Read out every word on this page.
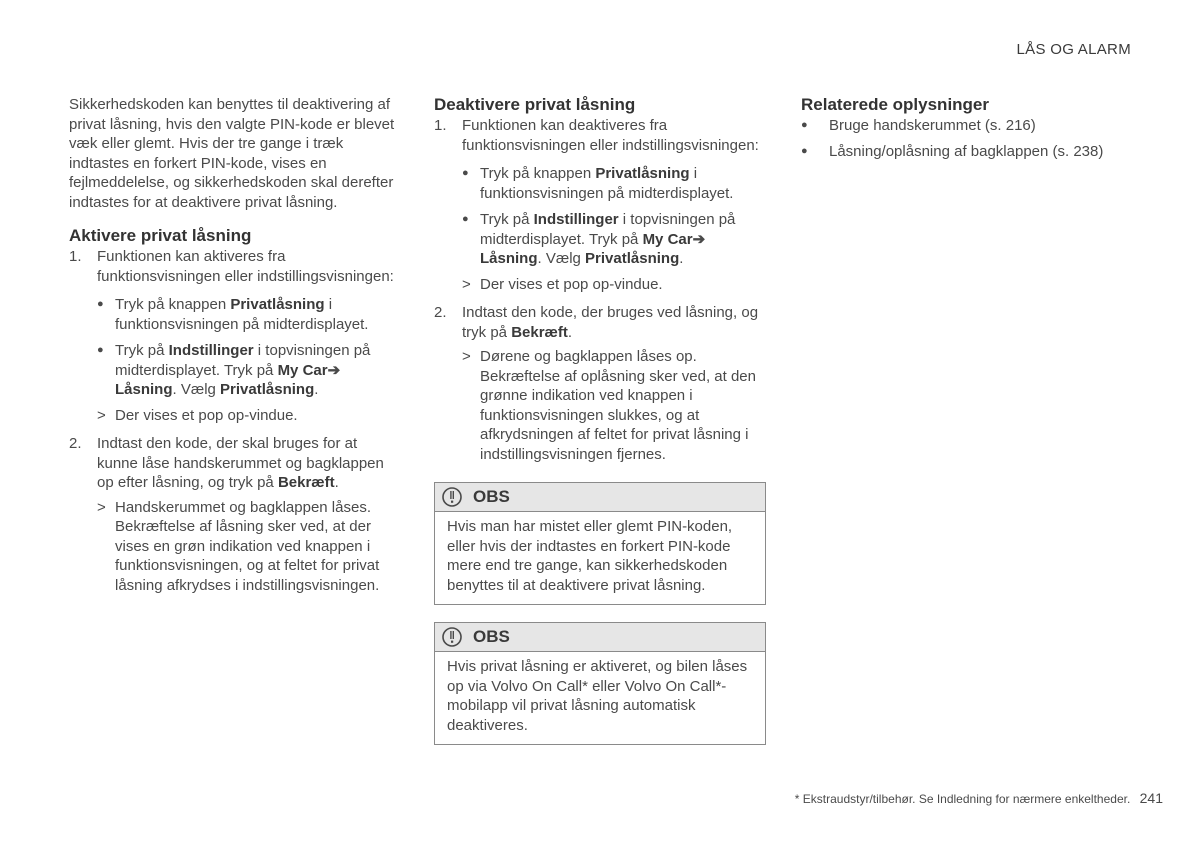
LÅS OG ALARM

Sikkerhedskoden kan benyttes til deaktivering af privat låsning, hvis den valgte PIN-kode er blevet væk eller glemt. Hvis der tre gange i træk indtastes en forkert PIN-kode, vises en fejlmeddelelse, og sikkerhedskoden skal derefter indtastes for at deaktivere privat låsning.

Aktivere privat låsning
1.	Funktionen kan aktiveres fra funktionsvisningen eller indstillingsvisningen:
● Tryk på knappen Privatlåsning i funktionsvisningen på midterdisplayet.
● Tryk på Indstillinger i topvisningen på midterdisplayet. Tryk på My Car➔
Låsning. Vælg Privatlåsning.
> Der vises et pop op-vindue.
2.	Indtast den kode, der skal bruges for at kunne låse handskerummet og bagklappen op efter låsning, og tryk på Bekræft.
> Handskerummet og bagklappen låses. Bekræftelse af låsning sker ved, at der vises en grøn indikation ved knappen i funktionsvisningen, og at feltet for privat låsning afkrydses i indstillingsvisningen.
Deaktivere privat låsning
1.	Funktionen kan deaktiveres fra funktionsvisningen eller indstillingsvisningen:
● Tryk på knappen Privatlåsning i funktionsvisningen på midterdisplayet.
● Tryk på Indstillinger i topvisningen på midterdisplayet. Tryk på My Car➔
Låsning. Vælg Privatlåsning.
> Der vises et pop op-vindue.
2.	Indtast den kode, der bruges ved låsning, og tryk på Bekræft.
> Dørene og bagklappen låses op. Bekræftelse af oplåsning sker ved, at den grønne indikation ved knappen i funktionsvisningen slukkes, og at afkrydsningen af feltet for privat låsning i indstillingsvisningen fjernes.
OBS
Hvis man har mistet eller glemt PIN-koden, eller hvis der indtastes en forkert PIN-kode mere end tre gange, kan sikkerhedskoden benyttes til at deaktivere privat låsning.
OBS
Hvis privat låsning er aktiveret, og bilen låses op via Volvo On Call* eller Volvo On Call*-mobilapp vil privat låsning automatisk deaktiveres.
Relaterede oplysninger
●	Bruge handskerummet (s. 216)
●	Låsning/oplåsning af bagklappen (s. 238)
* Ekstraudstyr/tilbehør. Se Indledning for nærmere enkeltheder. 241
